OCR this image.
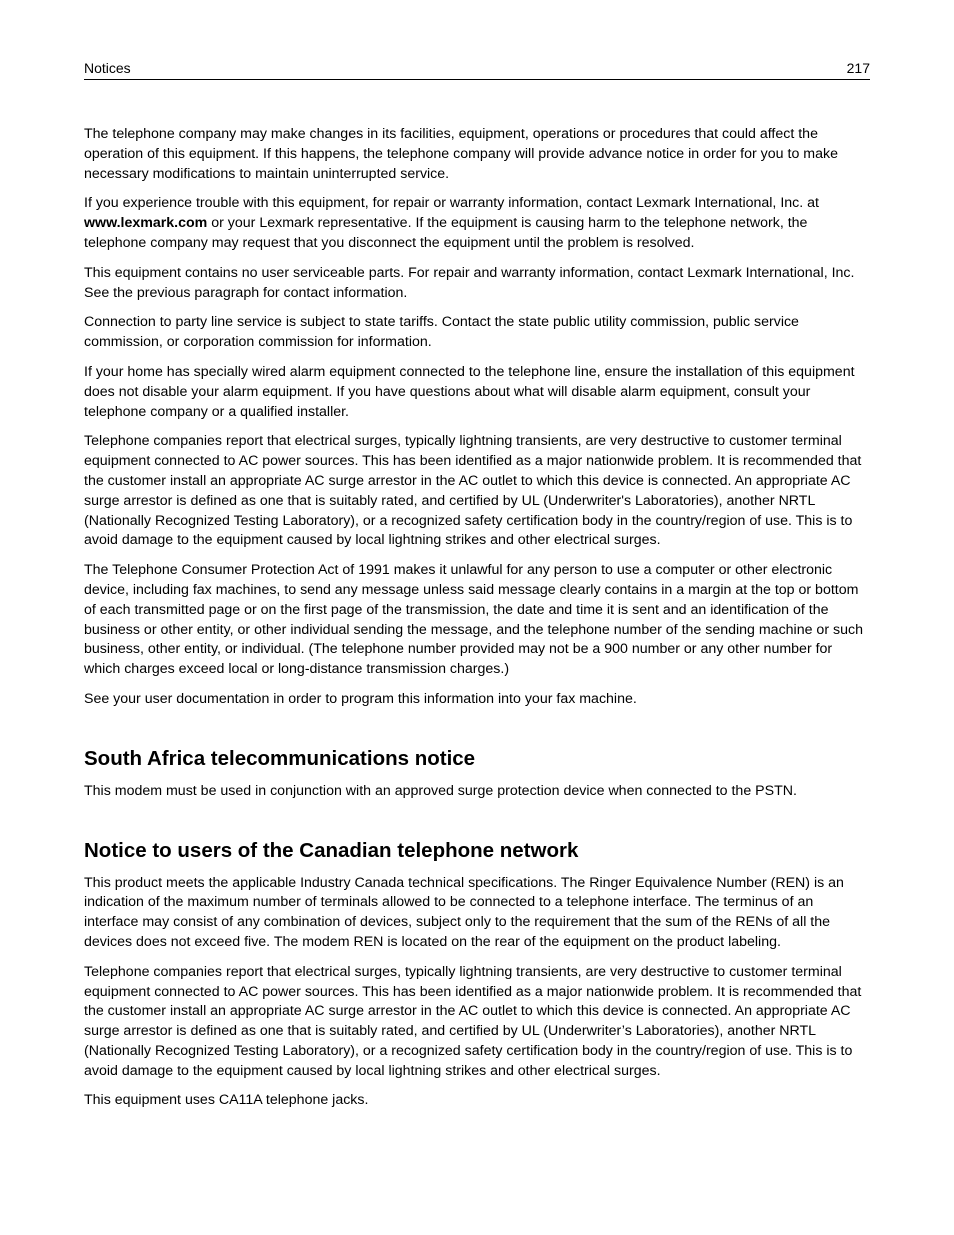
Notices	217

The telephone company may make changes in its facilities, equipment, operations or procedures that could affect the operation of this equipment. If this happens, the telephone company will provide advance notice in order for you to make necessary modifications to maintain uninterrupted service.

If you experience trouble with this equipment, for repair or warranty information, contact Lexmark International, Inc. at www.lexmark.com or your Lexmark representative. If the equipment is causing harm to the telephone network, the telephone company may request that you disconnect the equipment until the problem is resolved.

This equipment contains no user serviceable parts. For repair and warranty information, contact Lexmark International, Inc. See the previous paragraph for contact information.

Connection to party line service is subject to state tariffs. Contact the state public utility commission, public service commission, or corporation commission for information.

If your home has specially wired alarm equipment connected to the telephone line, ensure the installation of this equipment does not disable your alarm equipment. If you have questions about what will disable alarm equipment, consult your telephone company or a qualified installer.

Telephone companies report that electrical surges, typically lightning transients, are very destructive to customer terminal equipment connected to AC power sources. This has been identified as a major nationwide problem. It is recommended that the customer install an appropriate AC surge arrestor in the AC outlet to which this device is connected. An appropriate AC surge arrestor is defined as one that is suitably rated, and certified by UL (Underwriter's Laboratories), another NRTL (Nationally Recognized Testing Laboratory), or a recognized safety certification body in the country/region of use. This is to avoid damage to the equipment caused by local lightning strikes and other electrical surges.

The Telephone Consumer Protection Act of 1991 makes it unlawful for any person to use a computer or other electronic device, including fax machines, to send any message unless said message clearly contains in a margin at the top or bottom of each transmitted page or on the first page of the transmission, the date and time it is sent and an identification of the business or other entity, or other individual sending the message, and the telephone number of the sending machine or such business, other entity, or individual. (The telephone number provided may not be a 900 number or any other number for which charges exceed local or long-distance transmission charges.)

See your user documentation in order to program this information into your fax machine.

South Africa telecommunications notice

This modem must be used in conjunction with an approved surge protection device when connected to the PSTN.

Notice to users of the Canadian telephone network

This product meets the applicable Industry Canada technical specifications. The Ringer Equivalence Number (REN) is an indication of the maximum number of terminals allowed to be connected to a telephone interface. The terminus of an interface may consist of any combination of devices, subject only to the requirement that the sum of the RENs of all the devices does not exceed five. The modem REN is located on the rear of the equipment on the product labeling.

Telephone companies report that electrical surges, typically lightning transients, are very destructive to customer terminal equipment connected to AC power sources. This has been identified as a major nationwide problem. It is recommended that the customer install an appropriate AC surge arrestor in the AC outlet to which this device is connected. An appropriate AC surge arrestor is defined as one that is suitably rated, and certified by UL (Underwriter’s Laboratories), another NRTL (Nationally Recognized Testing Laboratory), or a recognized safety certification body in the country/region of use. This is to avoid damage to the equipment caused by local lightning strikes and other electrical surges.

This equipment uses CA11A telephone jacks.
